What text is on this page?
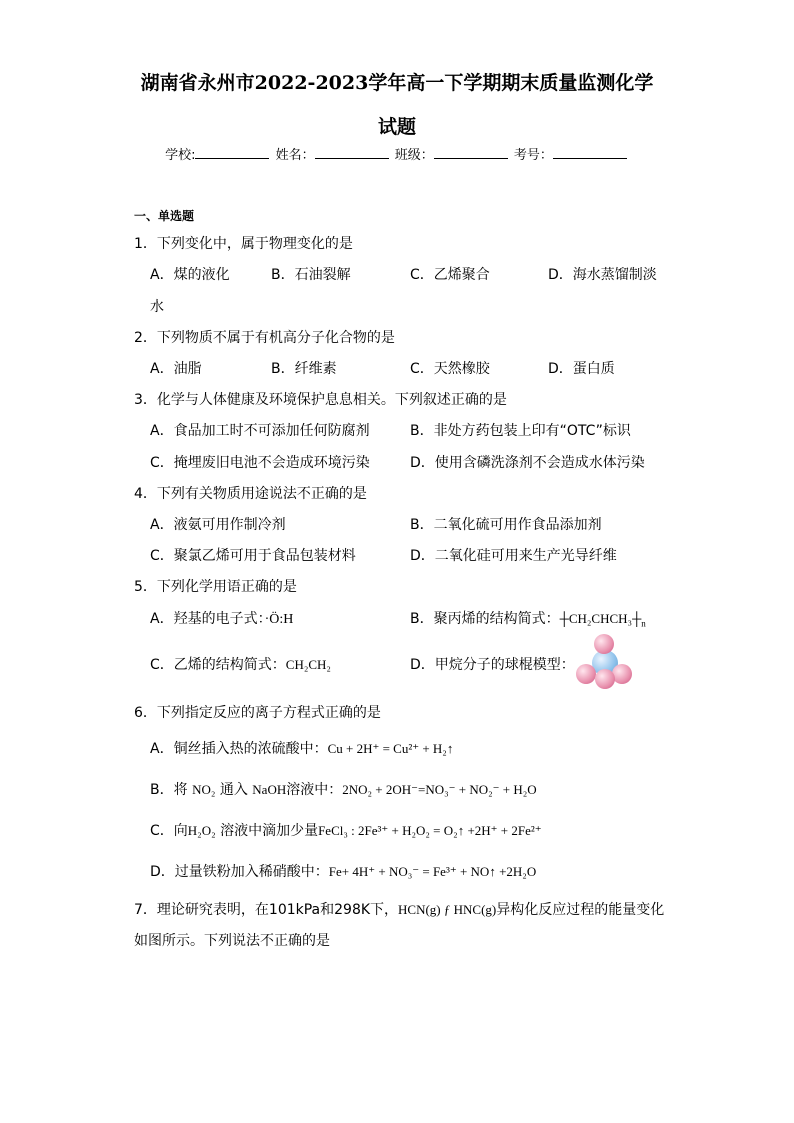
湖南省永州市2022-2023学年高一下学期期末质量监测化学
试题
学校:	姓名：	班级：	考号：
一、单选题
1．下列变化中，属于物理变化的是
A．煤的液化	B．石油裂解	C．乙烯聚合	D．海水蒸馏制淡
水
2．下列物质不属于有机高分子化合物的是
A．油脂	B．纤维素	C．天然橡胶	D．蛋白质
3．化学与人体健康及环境保护息息相关。下列叙述正确的是
A．食品加工时不可添加任何防腐剂	B．非处方药包装上印有“OTC”标识
C．掩埋废旧电池不会造成环境污染	D．使用含磷洗涤剂不会造成水体污染
4．下列有关物质用途说法不正确的是
A．液氨可用作制冷剂	B．二氧化硫可用作食品添加剂
C．聚氯乙烯可用于食品包装材料	D．二氧化硅可用来生产光导纤维
5．下列化学用语正确的是
A．羟基的电子式：·Ö:H	B．聚丙烯的结构简式：$┼CH_2CHCH_3┼_n$
C．乙烯的结构简式：CH₂CH₂	D．甲烷分子的球棍模型：
6．下列指定反应的离子方程式正确的是
A．铜丝插入热的浓硫酸中：Cu + 2H⁺ = Cu²⁺ + H₂↑
B．将 NO₂ 通入 NaOH溶液中：2NO₂ + 2OH⁻=NO₃⁻ + NO₂⁻ + H₂O
C．向H₂O₂ 溶液中滴加少量FeCl₃ : 2Fe³⁺ + H₂O₂ = O₂↑ +2H⁺ + 2Fe²⁺
D．过量铁粉加入稀硝酸中：Fe+ 4H⁺ + NO₃⁻ = Fe³⁺ + NO↑ +2H₂O
7．理论研究表明，在101kPa和298K下，HCN(g) ƒ HNC(g)异构化反应过程的能量变化
如图所示。下列说法不正确的是
